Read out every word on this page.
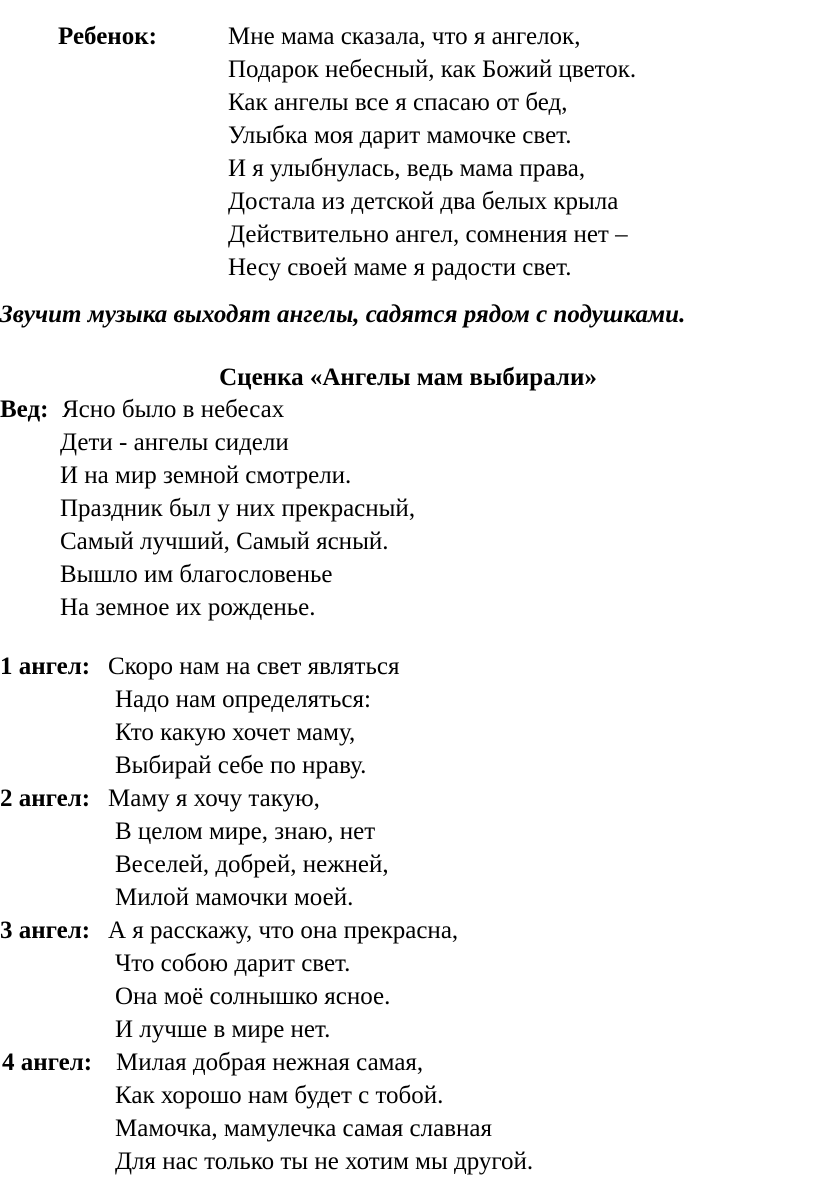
Ребенок:	Мне мама сказала, что я ангелок,
Подарок небесный, как Божий цветок.
Как ангелы все я спасаю от бед,
Улыбка моя дарит мамочке свет.
И я улыбнулась, ведь мама права,
Достала из детской два белых крыла
Действительно ангел, сомнения нет –
Несу своей маме я радости свет.
Звучит музыка выходят ангелы, садятся рядом с подушками.
Сценка «Ангелы мам выбирали»
Вед: Ясно было в небесах
Дети - ангелы сидели
И на мир земной смотрели.
Праздник был у них прекрасный,
Самый лучший, Самый ясный.
Вышло им благословенье
На земное их рожденье.
1 ангел: Скоро нам на свет являться
Надо нам определяться:
Кто какую хочет маму,
Выбирай себе по нраву.
2 ангел: Маму я хочу такую,
В целом мире, знаю, нет
Веселей, добрей, нежней,
Милой мамочки моей.
3 ангел: А я расскажу, что она прекрасна,
Что собою дарит свет.
Она моё солнышко ясное.
И лучше в мире нет.
4 ангел: Милая добрая нежная самая,
Как хорошо нам будет с тобой.
Мамочка, мамулечка самая славная
Для нас только ты не хотим мы другой.
